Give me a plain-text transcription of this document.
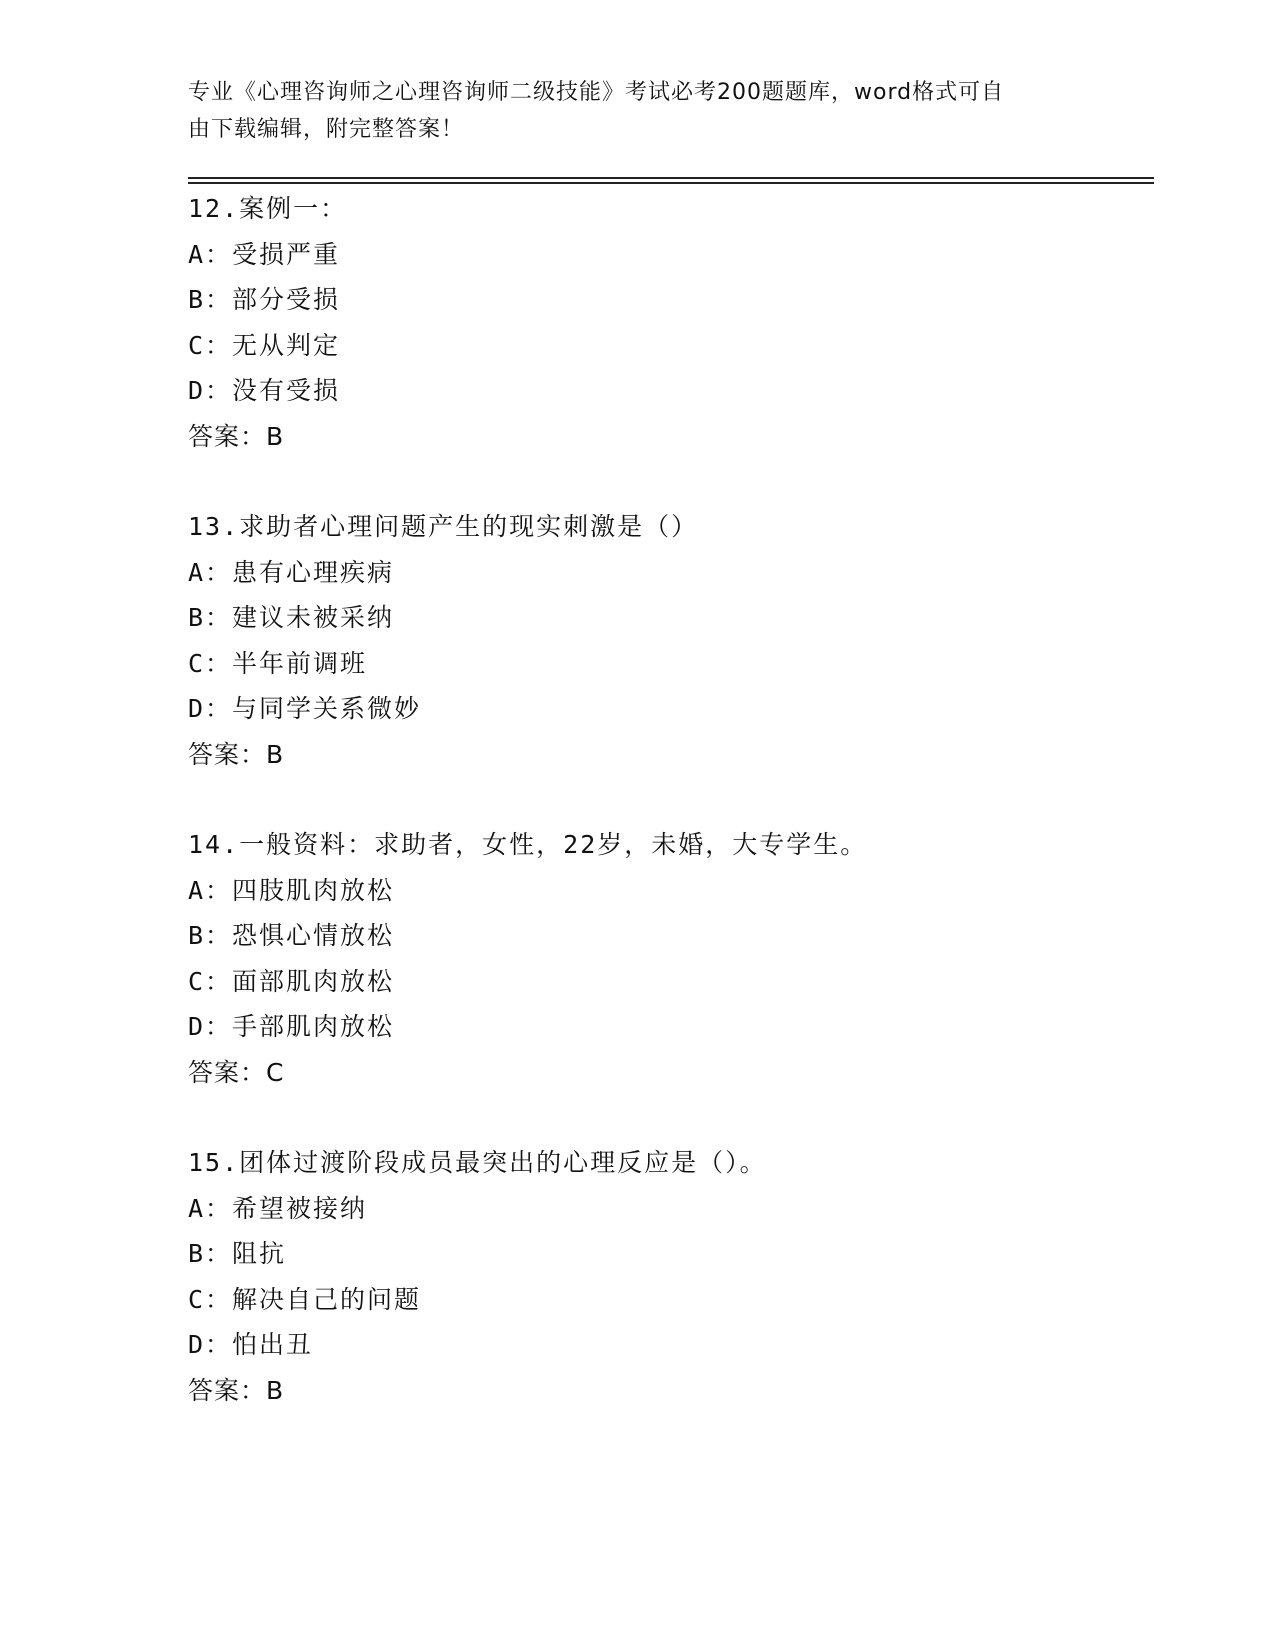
专业《心理咨询师之心理咨询师二级技能》考试必考200题题库，word格式可自
由下载编辑，附完整答案！
12.案例一：
A：受损严重
B：部分受损
C：无从判定
D：没有受损
答案：B
13.求助者心理问题产生的现实刺激是（）
A：患有心理疾病
B：建议未被采纳
C：半年前调班
D：与同学关系微妙
答案：B
14.一般资料：求助者，女性，22岁，未婚，大专学生。
A：四肢肌肉放松
B：恐惧心情放松
C：面部肌肉放松
D：手部肌肉放松
答案：C
15.团体过渡阶段成员最突出的心理反应是（）。
A：希望被接纳
B：阻抗
C：解决自己的问题
D：怕出丑
答案：B
